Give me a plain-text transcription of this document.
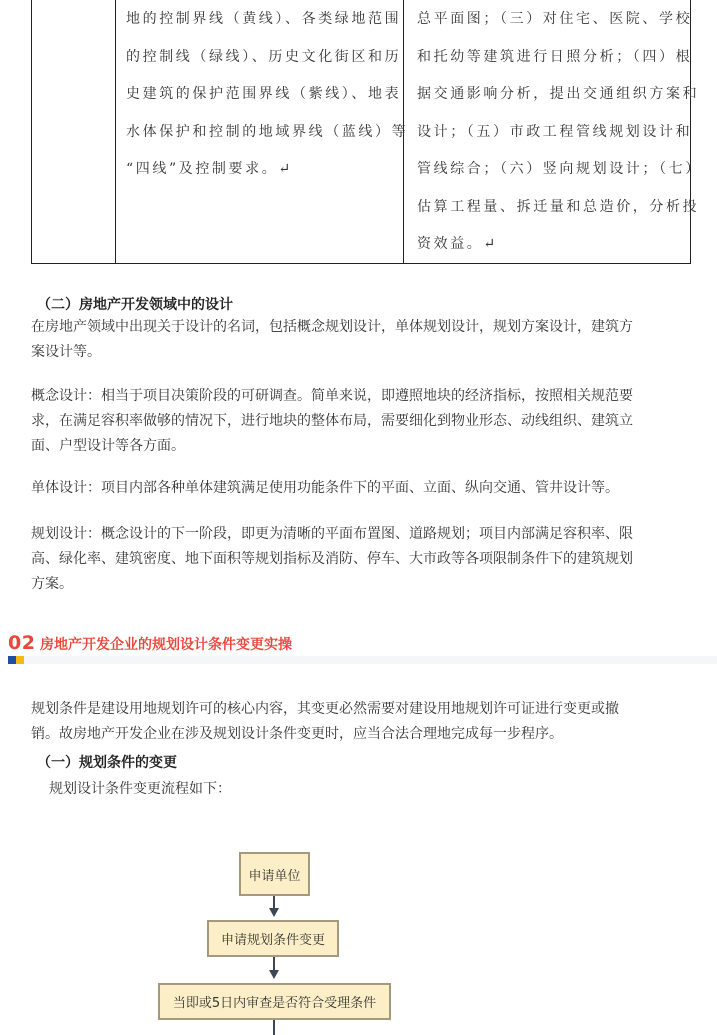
地的控制界线（黄线）、各类绿地范围
的控制线（绿线）、历史文化街区和历
史建筑的保护范围界线（紫线）、地表
水体保护和控制的地域界线（蓝线）等
“四线”及控制要求。↵
总平面图；（三）对住宅、医院、学校
和托幼等建筑进行日照分析；（四）根
据交通影响分析，提出交通组织方案和
设计；（五）市政工程管线规划设计和
管线综合；（六）竖向规划设计；（七）
估算工程量、拆迁量和总造价，分析投
资效益。↵
（二）房地产开发领域中的设计
在房地产领域中出现关于设计的名词，包括概念规划设计，单体规划设计，规划方案设计，建筑方
案设计等。
概念设计：相当于项目决策阶段的可研调查。简单来说，即遵照地块的经济指标，按照相关规范要
求，在满足容积率做够的情况下，进行地块的整体布局，需要细化到物业形态、动线组织、建筑立
面、户型设计等各方面。
单体设计：项目内部各种单体建筑满足使用功能条件下的平面、立面、纵向交通、管井设计等。
规划设计：概念设计的下一阶段，即更为清晰的平面布置图、道路规划；项目内部满足容积率、限
高、绿化率、建筑密度、地下面积等规划指标及消防、停车、大市政等各项限制条件下的建筑规划
方案。
02 房地产开发企业的规划设计条件变更实操
规划条件是建设用地规划许可的核心内容，其变更必然需要对建设用地规划许可证进行变更或撤
销。故房地产开发企业在涉及规划设计条件变更时，应当合法合理地完成每一步程序。
（一）规划条件的变更
规划设计条件变更流程如下：
申请单位
申请规划条件变更
当即或5日内审查是否符合受理条件
